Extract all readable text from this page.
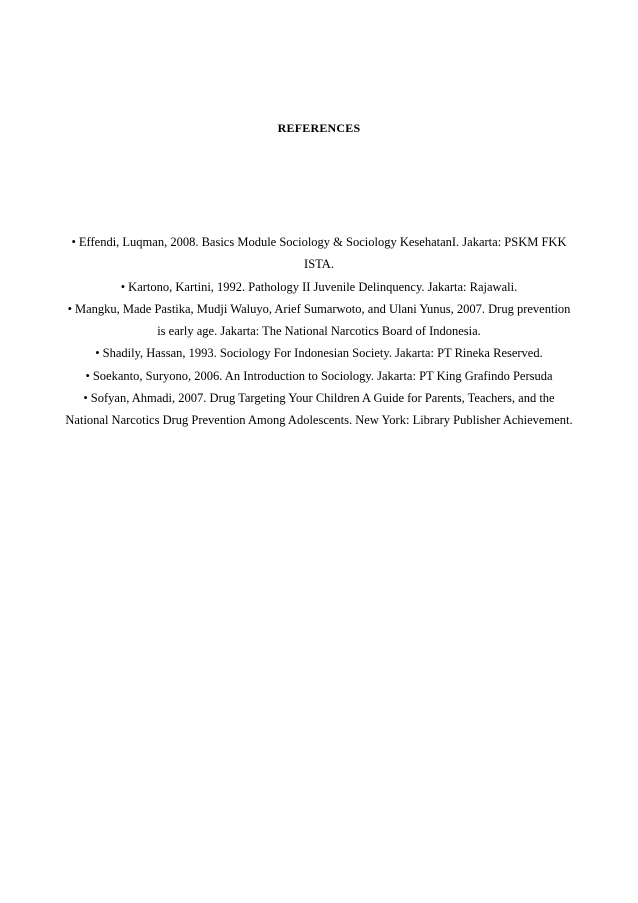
REFERENCES
• Effendi, Luqman, 2008. Basics Module Sociology & Sociology KesehatanI. Jakarta: PSKM FKK ISTA.
• Kartono, Kartini, 1992. Pathology II Juvenile Delinquency. Jakarta: Rajawali.
• Mangku, Made Pastika, Mudji Waluyo, Arief Sumarwoto, and Ulani Yunus, 2007. Drug prevention is early age. Jakarta: The National Narcotics Board of Indonesia.
• Shadily, Hassan, 1993. Sociology For Indonesian Society. Jakarta: PT Rineka Reserved.
• Soekanto, Suryono, 2006. An Introduction to Sociology. Jakarta: PT King Grafindo Persuda
• Sofyan, Ahmadi, 2007. Drug Targeting Your Children A Guide for Parents, Teachers, and the National Narcotics Drug Prevention Among Adolescents. New York: Library Publisher Achievement.
